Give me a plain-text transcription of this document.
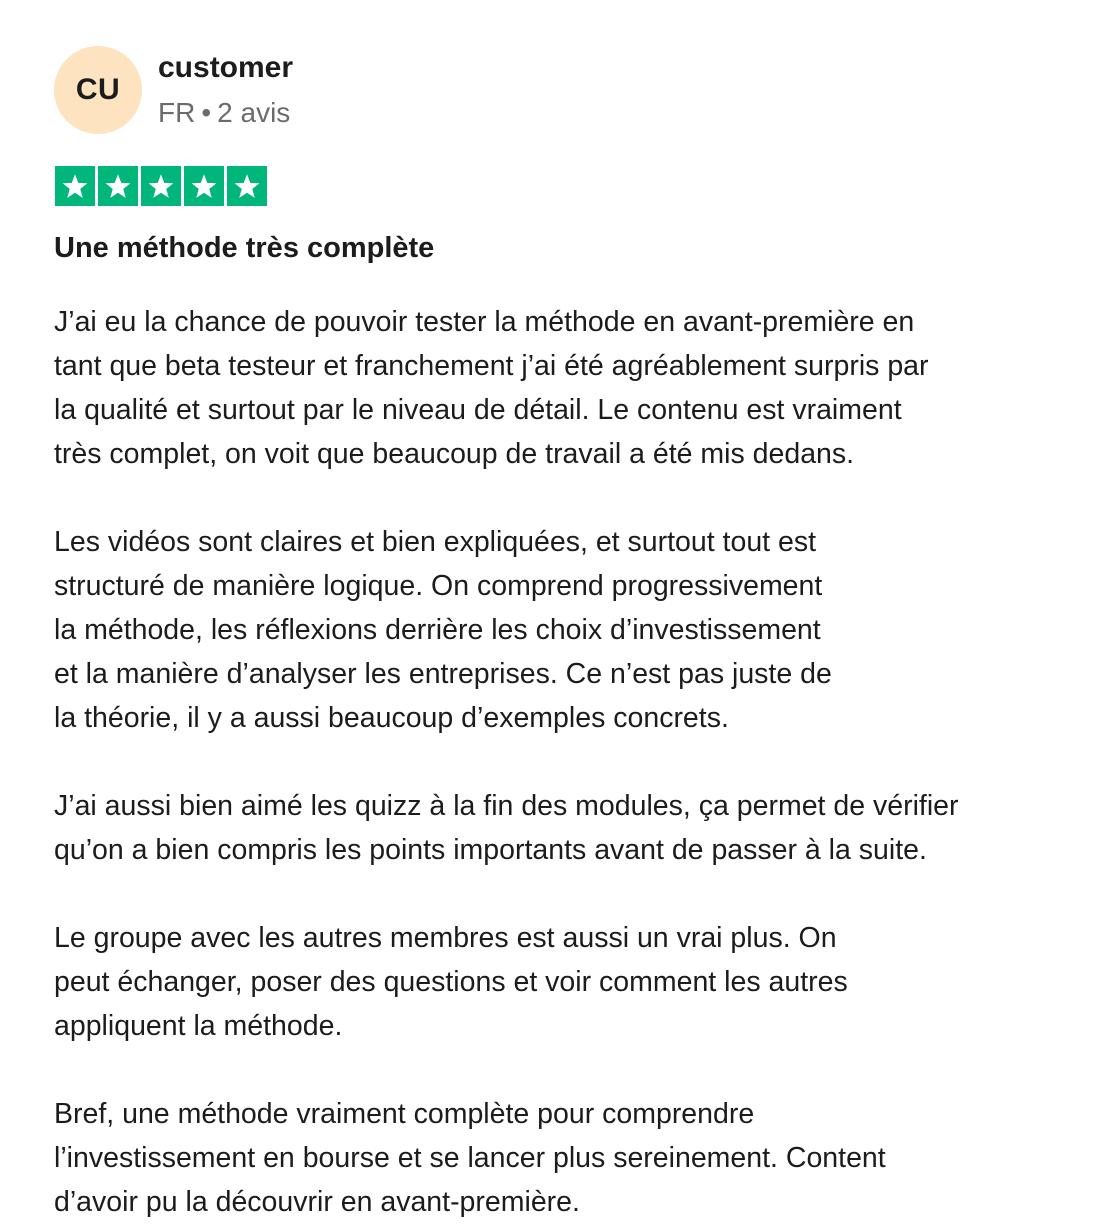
CU
customer
FR • 2 avis
Une méthode très complète

J’ai eu la chance de pouvoir tester la méthode en avant-première en
tant que beta testeur et franchement j’ai été agréablement surpris par
la qualité et surtout par le niveau de détail. Le contenu est vraiment
très complet, on voit que beaucoup de travail a été mis dedans.

Les vidéos sont claires et bien expliquées, et surtout tout est
structuré de manière logique. On comprend progressivement
la méthode, les réflexions derrière les choix d’investissement
et la manière d’analyser les entreprises. Ce n’est pas juste de
la théorie, il y a aussi beaucoup d’exemples concrets.

J’ai aussi bien aimé les quizz à la fin des modules, ça permet de vérifier
qu’on a bien compris les points importants avant de passer à la suite.

Le groupe avec les autres membres est aussi un vrai plus. On
peut échanger, poser des questions et voir comment les autres
appliquent la méthode.

Bref, une méthode vraiment complète pour comprendre
l’investissement en bourse et se lancer plus sereinement. Content
d’avoir pu la découvrir en avant-première.
